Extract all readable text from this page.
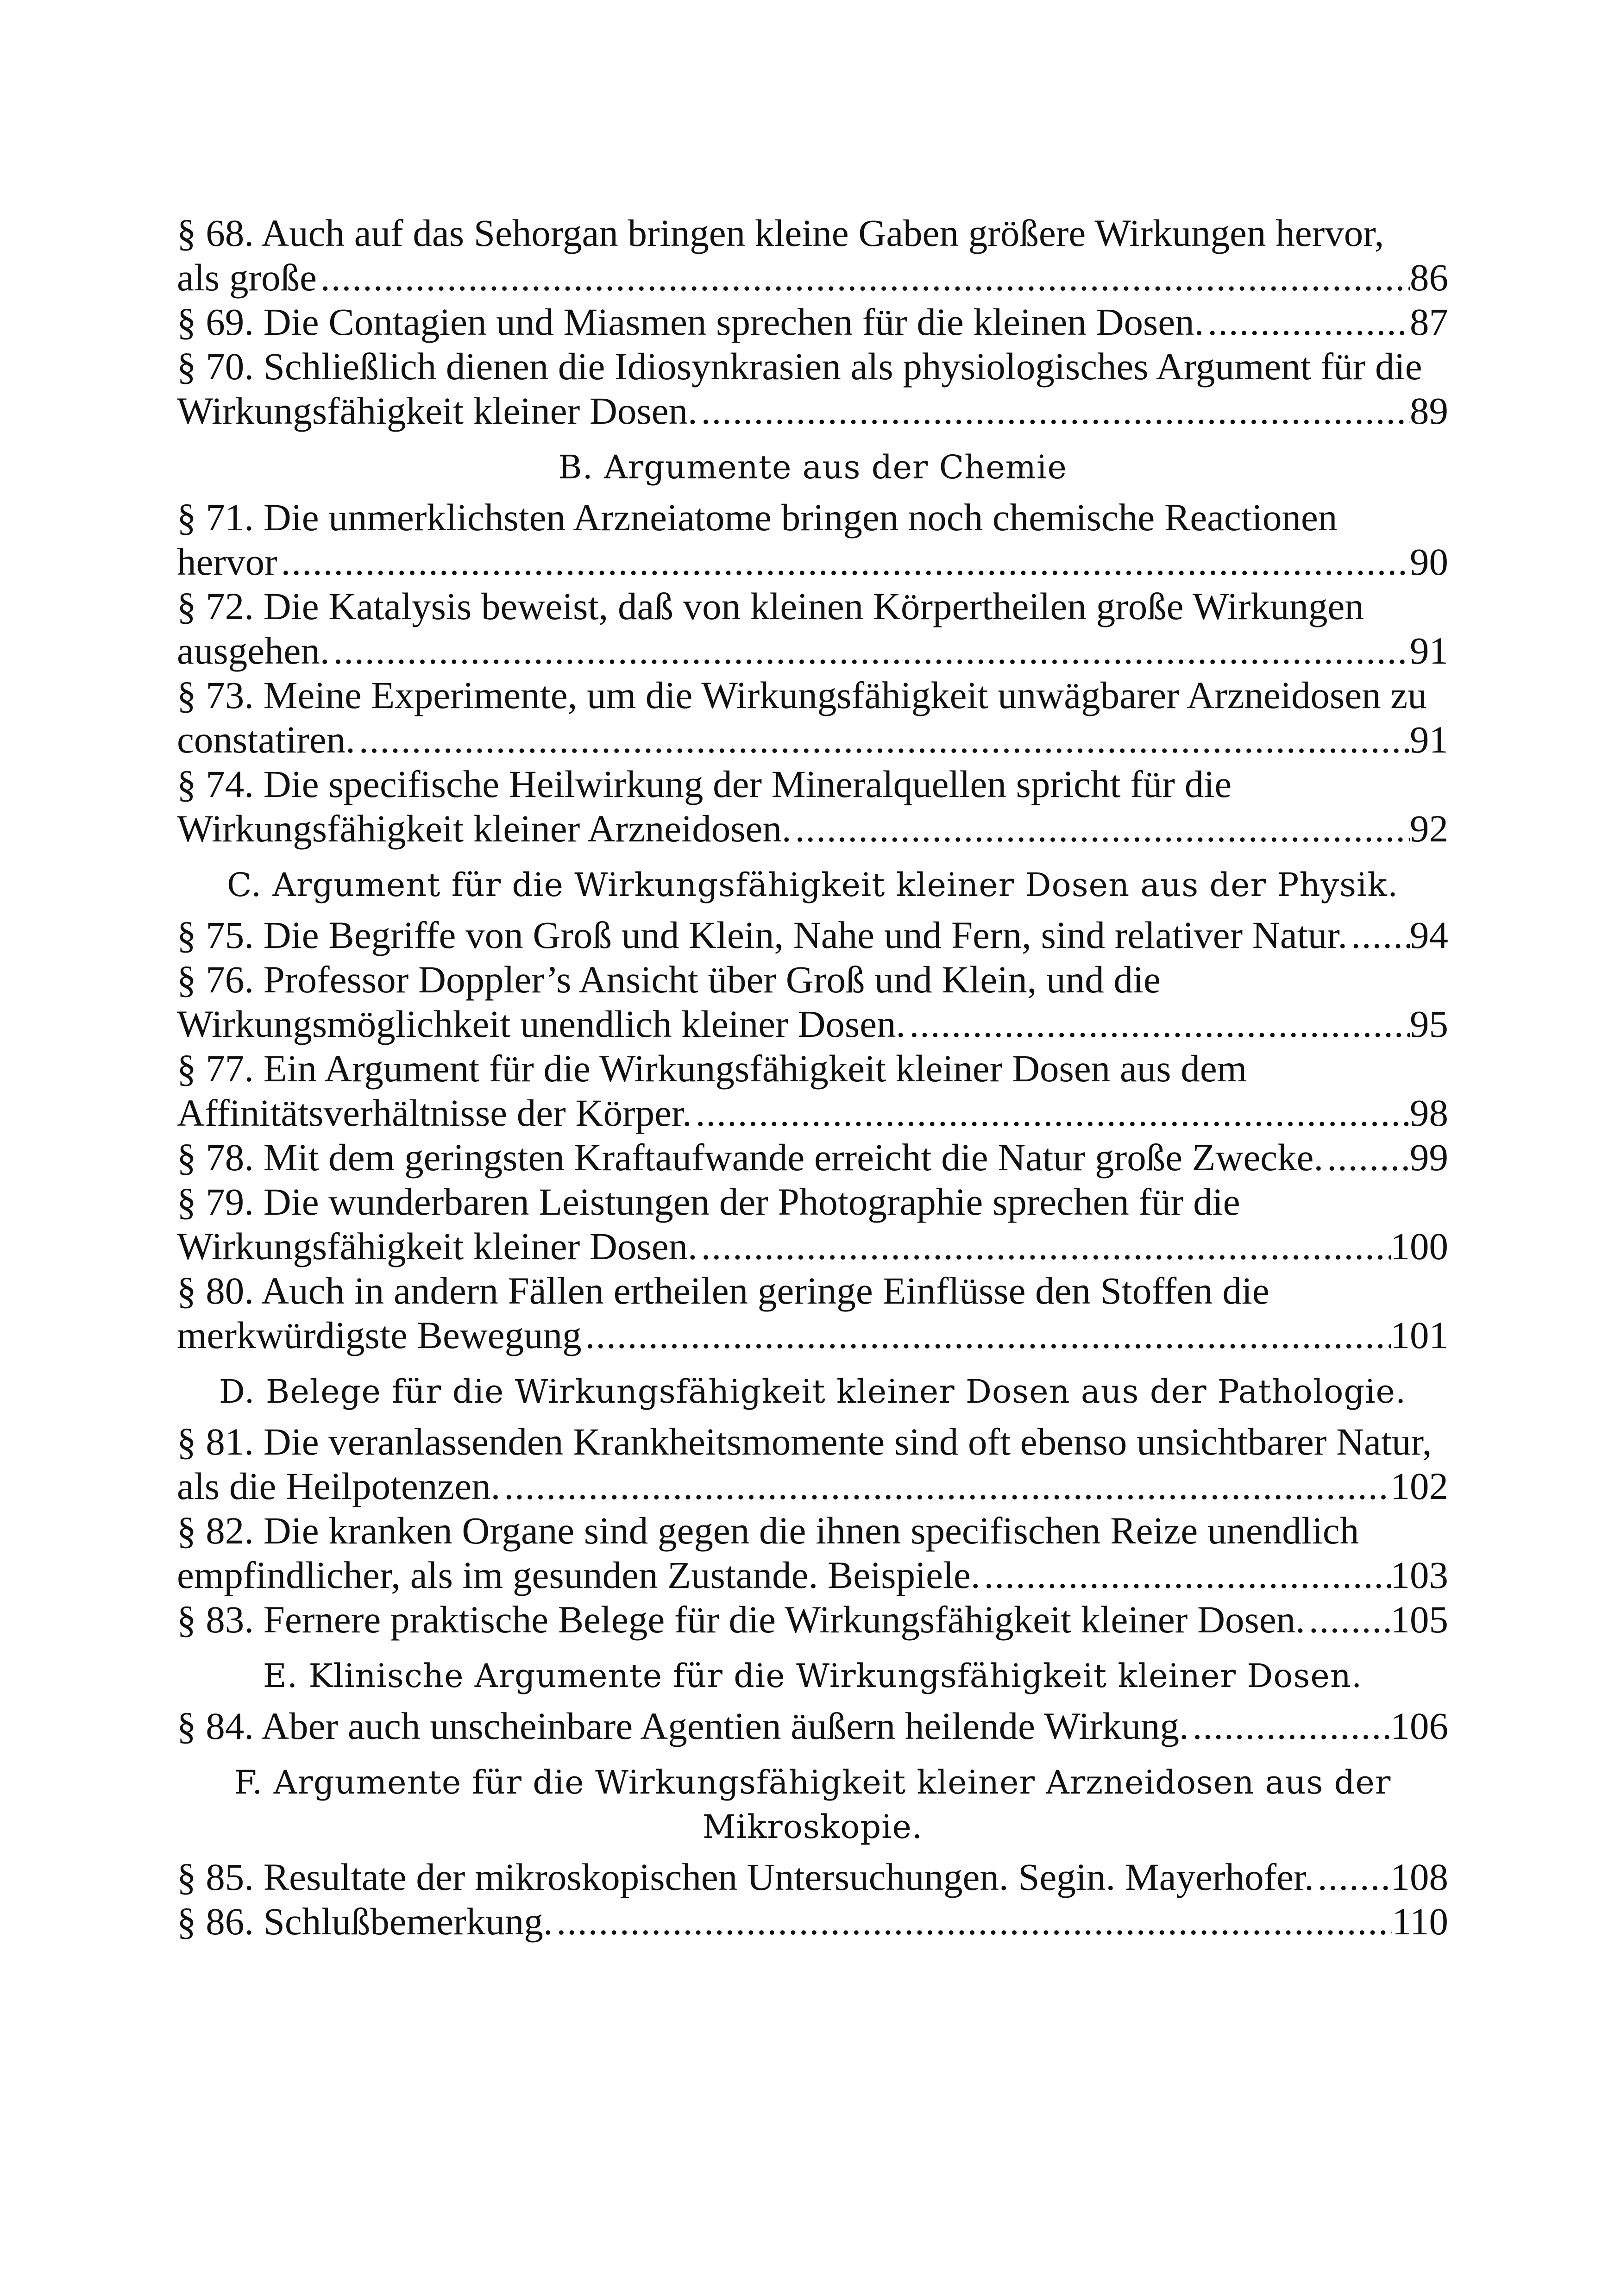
§ 68. Auch auf das Sehorgan bringen kleine Gaben größere Wirkungen hervor,
als große .....	86

§ 69. Die Contagien und Miasmen sprechen für die kleinen Dosen. .....	87

§ 70. Schließlich dienen die Idiosynkrasien als physiologisches Argument für die
Wirkungsfähigkeit kleiner Dosen. .....	89

B. Argumente aus der Chemie

§ 71. Die unmerklichsten Arzneiatome bringen noch chemische Reactionen
hervor .....	90

§ 72. Die Katalysis beweist, daß von kleinen Körpertheilen große Wirkungen
ausgehen. .....	91

§ 73. Meine Experimente, um die Wirkungsfähigkeit unwägbarer Arzneidosen zu
constatiren. .....	91

§ 74. Die specifische Heilwirkung der Mineralquellen spricht für die
Wirkungsfähigkeit kleiner Arzneidosen. .....	92

C. Argument für die Wirkungsfähigkeit kleiner Dosen aus der Physik.

§ 75. Die Begriffe von Groß und Klein, Nahe und Fern, sind relativer Natur. ..... 94

§ 76. Professor Doppler’s Ansicht über Groß und Klein, und die
Wirkungsmöglichkeit unendlich kleiner Dosen. .....	95

§ 77. Ein Argument für die Wirkungsfähigkeit kleiner Dosen aus dem
Affinitätsverhältnisse der Körper. .....	98

§ 78. Mit dem geringsten Kraftaufwande erreicht die Natur große Zwecke. ..... 99

§ 79. Die wunderbaren Leistungen der Photographie sprechen für die
Wirkungsfähigkeit kleiner Dosen. .....	100

§ 80. Auch in andern Fällen ertheilen geringe Einflüsse den Stoffen die
merkwürdigste Bewegung .....	101

D. Belege für die Wirkungsfähigkeit kleiner Dosen aus der Pathologie.

§ 81. Die veranlassenden Krankheitsmomente sind oft ebenso unsichtbarer Natur,
als die Heilpotenzen. .....	102

§ 82. Die kranken Organe sind gegen die ihnen specifischen Reize unendlich
empfindlicher, als im gesunden Zustande. Beispiele. .....	103

§ 83. Fernere praktische Belege für die Wirkungsfähigkeit kleiner Dosen. ..... 105

E. Klinische Argumente für die Wirkungsfähigkeit kleiner Dosen.

§ 84. Aber auch unscheinbare Agentien äußern heilende Wirkung. .....	106

F. Argumente für die Wirkungsfähigkeit kleiner Arzneidosen aus der
Mikroskopie.

§ 85. Resultate der mikroskopischen Untersuchungen. Segin. Mayerhofer. ..... 108

§ 86. Schlußbemerkung. .....	110
